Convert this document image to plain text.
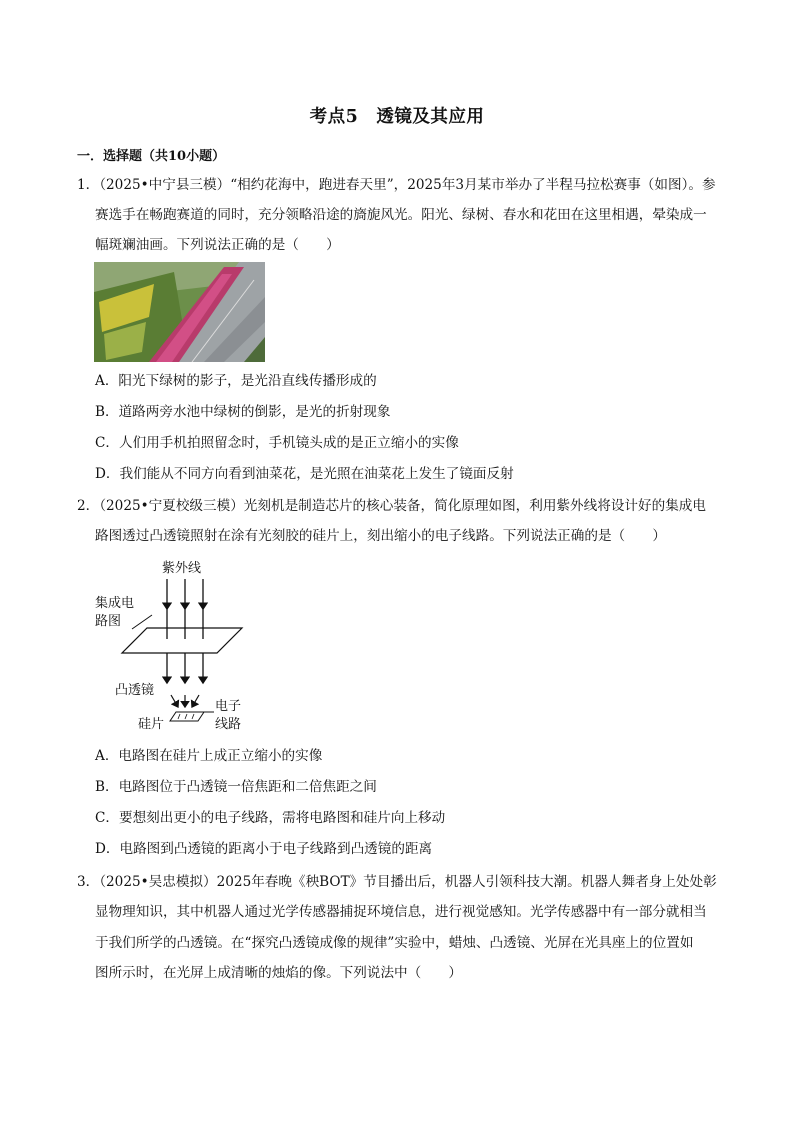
考点5　透镜及其应用
一．选择题（共10小题）
1．（2025•中宁县三模）“相约花海中，跑进春天里”，2025年3月某市举办了半程马拉松赛事（如图）。参
赛选手在畅跑赛道的同时，充分领略沿途的旖旎风光。阳光、绿树、春水和花田在这里相遇，晕染成一
幅斑斓油画。下列说法正确的是（　　）
A．阳光下绿树的影子，是光沿直线传播形成的
B．道路两旁水池中绿树的倒影，是光的折射现象
C．人们用手机拍照留念时，手机镜头成的是正立缩小的实像
D．我们能从不同方向看到油菜花，是光照在油菜花上发生了镜面反射
2．（2025•宁夏校级三模）光刻机是制造芯片的核心装备，简化原理如图，利用紫外线将设计好的集成电
路图透过凸透镜照射在涂有光刻胶的硅片上，刻出缩小的电子线路。下列说法正确的是（　　）
紫外线
集成电
路图
凸透镜
电子
线路
硅片
A．电路图在硅片上成正立缩小的实像
B．电路图位于凸透镜一倍焦距和二倍焦距之间
C．要想刻出更小的电子线路，需将电路图和硅片向上移动
D．电路图到凸透镜的距离小于电子线路到凸透镜的距离
3．（2025•吴忠模拟）2025年春晚《秧BOT》节目播出后，机器人引领科技大潮。机器人舞者身上处处彰
显物理知识，其中机器人通过光学传感器捕捉环境信息，进行视觉感知。光学传感器中有一部分就相当
于我们所学的凸透镜。在“探究凸透镜成像的规律”实验中，蜡烛、凸透镜、光屏在光具座上的位置如
图所示时，在光屏上成清晰的烛焰的像。下列说法中（　　）
